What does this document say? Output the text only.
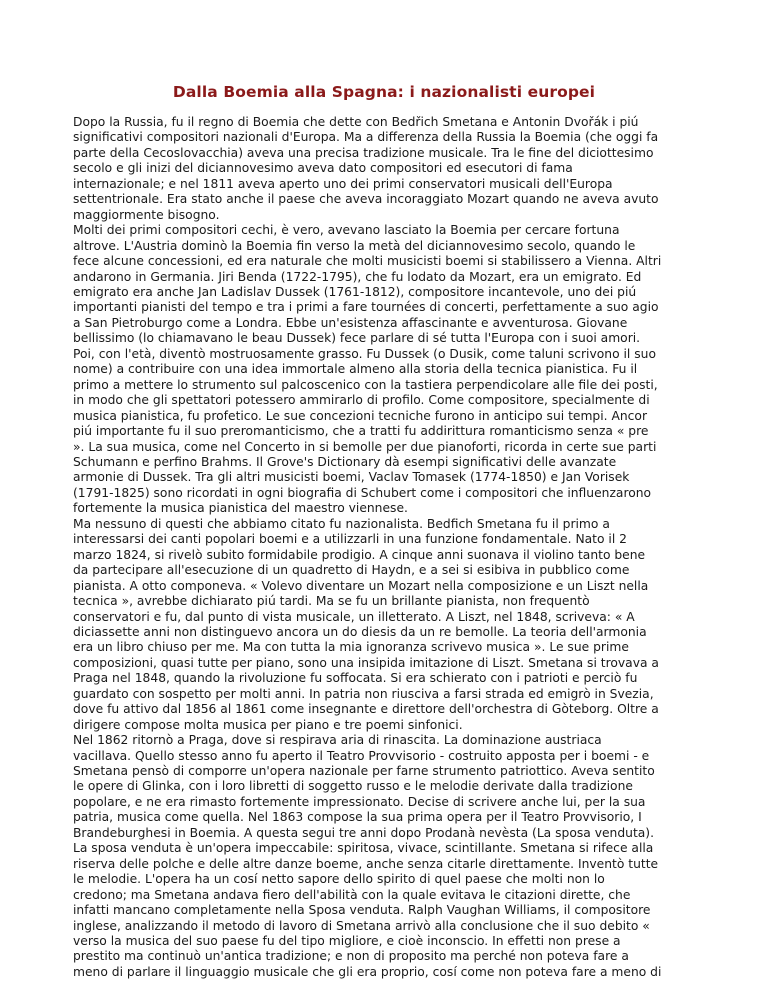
Dalla Boemia alla Spagna: i nazionalisti europei
Dopo la Russia, fu il regno di Boemia che dette con Bedřich Smetana e Antonin Dvořák i piú
significativi compositori nazionali d'Europa. Ma a differenza della Russia la Boemia (che oggi fa
parte della Cecoslovacchia) aveva una precisa tradizione musicale. Tra le fine del diciottesimo
secolo e gli inizi del diciannovesimo aveva dato compositori ed esecutori di fama
internazionale; e nel 1811 aveva aperto uno dei primi conservatori musicali dell'Europa
settentrionale. Era stato anche il paese che aveva incoraggiato Mozart quando ne aveva avuto
maggiormente bisogno.
Molti dei primi compositori cechi, è vero, avevano lasciato la Boemia per cercare fortuna
altrove. L'Austria dominò la Boemia fin verso la metà del diciannovesimo secolo, quando le
fece alcune concessioni, ed era naturale che molti musicisti boemi si stabilissero a Vienna. Altri
andarono in Germania. Jiri Benda (1722-1795), che fu lodato da Mozart, era un emigrato. Ed
emigrato era anche Jan Ladislav Dussek (1761-1812), compositore incantevole, uno dei piú
importanti pianisti del tempo e tra i primi a fare tournées di concerti, perfettamente a suo agio
a San Pietroburgo come a Londra. Ebbe un'esistenza affascinante e avventurosa. Giovane
bellissimo (lo chiamavano le beau Dussek) fece parlare di sé tutta l'Europa con i suoi amori.
Poi, con l'età, diventò mostruosamente grasso. Fu Dussek (o Dusik, come taluni scrivono il suo
nome) a contribuire con una idea immortale almeno alla storia della tecnica pianistica. Fu il
primo a mettere lo strumento sul palcoscenico con la tastiera perpendicolare alle file dei posti,
in modo che gli spettatori potessero ammirarlo di profilo. Come compositore, specialmente di
musica pianistica, fu profetico. Le sue concezioni tecniche furono in anticipo sui tempi. Ancor
piú importante fu il suo preromanticismo, che a tratti fu addirittura romanticismo senza « pre
». La sua musica, come nel Concerto in si bemolle per due pianoforti, ricorda in certe sue parti
Schumann e perfino Brahms. Il Grove's Dictionary dà esempi significativi delle avanzate
armonie di Dussek. Tra gli altri musicisti boemi, Vaclav Tomasek (1774-1850) e Jan Vorisek
(1791-1825) sono ricordati in ogni biografia di Schubert come i compositori che influenzarono
fortemente la musica pianistica del maestro viennese.
Ma nessuno di questi che abbiamo citato fu nazionalista. Bedfich Smetana fu il primo a
interessarsi dei canti popolari boemi e a utilizzarli in una funzione fondamentale. Nato il 2
marzo 1824, si rivelò subito formidabile prodigio. A cinque anni suonava il violino tanto bene
da partecipare all'esecuzione di un quadretto di Haydn, e a sei si esibiva in pubblico come
pianista. A otto componeva. « Volevo diventare un Mozart nella composizione e un Liszt nella
tecnica », avrebbe dichiarato piú tardi. Ma se fu un brillante pianista, non frequentò
conservatori e fu, dal punto di vista musicale, un illetterato. A Liszt, nel 1848, scriveva: « A
diciassette anni non distinguevo ancora un do diesis da un re bemolle. La teoria dell'armonia
era un libro chiuso per me. Ma con tutta la mia ignoranza scrivevo musica ». Le sue prime
composizioni, quasi tutte per piano, sono una insipida imitazione di Liszt. Smetana si trovava a
Praga nel 1848, quando la rivoluzione fu soffocata. Si era schierato con i patrioti e perciò fu
guardato con sospetto per molti anni. In patria non riusciva a farsi strada ed emigrò in Svezia,
dove fu attivo dal 1856 al 1861 come insegnante e direttore dell'orchestra di Gòteborg. Oltre a
dirigere compose molta musica per piano e tre poemi sinfonici.
Nel 1862 ritornò a Praga, dove si respirava aria di rinascita. La dominazione austriaca
vacillava. Quello stesso anno fu aperto il Teatro Provvisorio - costruito apposta per i boemi - e
Smetana pensò di comporre un'opera nazionale per farne strumento patriottico. Aveva sentito
le opere di Glinka, con i loro libretti di soggetto russo e le melodie derivate dalla tradizione
popolare, e ne era rimasto fortemente impressionato. Decise di scrivere anche lui, per la sua
patria, musica come quella. Nel 1863 compose la sua prima opera per il Teatro Provvisorio, I
Brandeburghesi in Boemia. A questa segui tre anni dopo Prodanà nevèsta (La sposa venduta).
La sposa venduta è un'opera impeccabile: spiritosa, vivace, scintillante. Smetana si rifece alla
riserva delle polche e delle altre danze boeme, anche senza citarle direttamente. Inventò tutte
le melodie. L'opera ha un cosí netto sapore dello spirito di quel paese che molti non lo
credono; ma Smetana andava fiero dell'abilità con la quale evitava le citazioni dirette, che
infatti mancano completamente nella Sposa venduta. Ralph Vaughan Williams, il compositore
inglese, analizzando il metodo di lavoro di Smetana arrivò alla conclusione che il suo debito «
verso la musica del suo paese fu del tipo migliore, e cioè inconscio. In effetti non prese a
prestito ma continuò un'antica tradizione; e non di proposito ma perché non poteva fare a
meno di parlare il linguaggio musicale che gli era proprio, cosí come non poteva fare a meno di
